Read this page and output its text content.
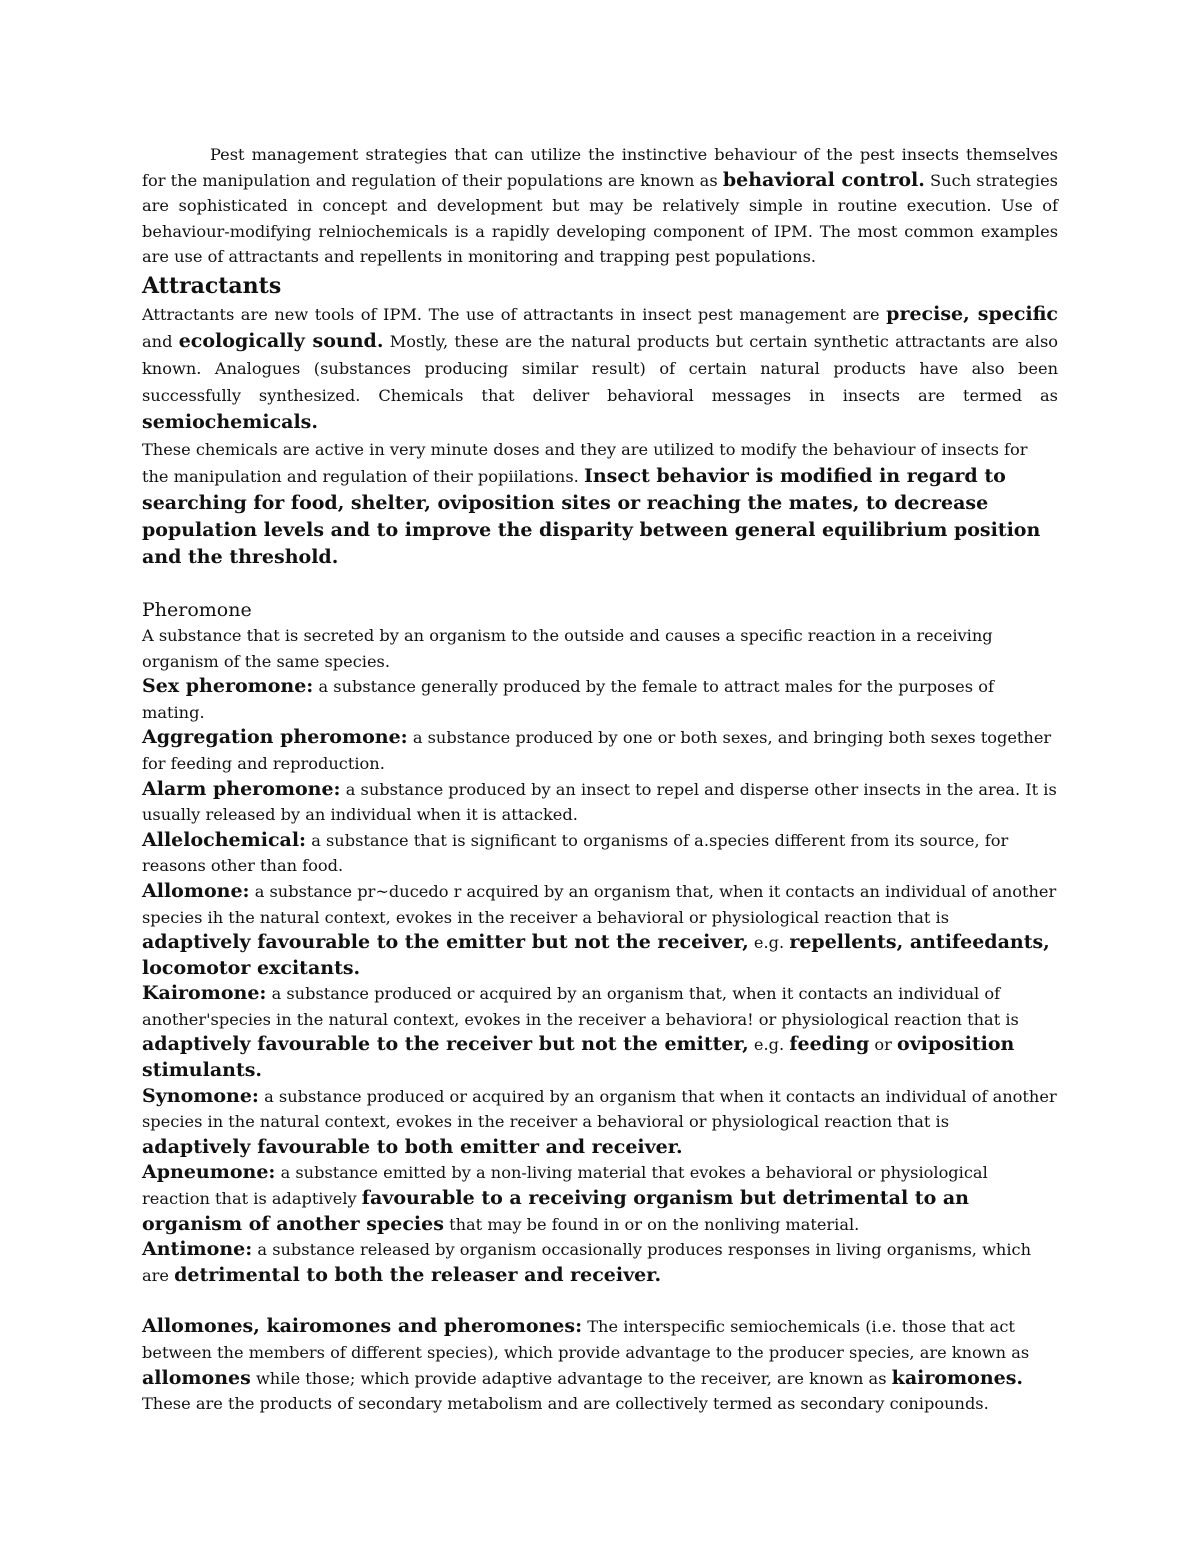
Pest management strategies that can utilize the instinctive behaviour of the pest insects themselves for the manipulation and regulation of their populations are known as behavioral control. Such strategies are sophisticated in concept and development but may be relatively simple in routine execution. Use of behaviour-modifying relniochemicals is a rapidly developing component of IPM. The most common examples are use of attractants and repellents in monitoring and trapping pest populations.

Attractants

Attractants are new tools of IPM. The use of attractants in insect pest management are precise, specific and ecologically sound. Mostly, these are the natural products but certain synthetic attractants are also known. Analogues (substances producing similar result) of certain natural products have also been successfully synthesized. Chemicals that deliver behavioral messages in insects are termed as semiochemicals.

These chemicals are active in very minute doses and they are utilized to modify the behaviour of insects for the manipulation and regulation of their popiilations. Insect behavior is modified in regard to searching for food, shelter, oviposition sites or reaching the mates, to decrease population levels and to improve the disparity between general equilibrium position and the threshold.

Pheromone

A substance that is secreted by an organism to the outside and causes a specific reaction in a receiving organism of the same species.

Sex pheromone: a substance generally produced by the female to attract males for the purposes of mating.

Aggregation pheromone: a substance produced by one or both sexes, and bringing both sexes together for feeding and reproduction.

Alarm pheromone: a substance produced by an insect to repel and disperse other insects in the area. It is usually released by an individual when it is attacked.

Allelochemical: a substance that is significant to organisms of a.species different from its source, for reasons other than food.

Allomone: a substance pr~ducedo r acquired by an organism that, when it contacts an individual of another species ih the natural context, evokes in the receiver a behavioral or physiological reaction that is adaptively favourable to the emitter but not the receiver, e.g. repellents, antifeedants, locomotor excitants.

Kairomone: a substance produced or acquired by an organism that, when it contacts an individual of another'species in the natural context, evokes in the receiver a behaviora! or physiological reaction that is adaptively favourable to the receiver but not the emitter, e.g. feeding or oviposition stimulants.

Synomone: a substance produced or acquired by an organism that when it contacts an individual of another species in the natural context, evokes in the receiver a behavioral or physiological reaction that is adaptively favourable to both emitter and receiver.

Apneumone: a substance emitted by a non-living material that evokes a behavioral or physiological reaction that is adaptively favourable to a receiving organism but detrimental to an organism of another species that may be found in or on the nonliving material.

Antimone: a substance released by organism occasionally produces responses in living organisms, which are detrimental to both the releaser and receiver.

Allomones, kairomones and pheromones: The interspecific semiochemicals (i.e. those that act between the members of different species), which provide advantage to the producer species, are known as allomones while those; which provide adaptive advantage to the receiver, are known as kairomones. These are the products of secondary metabolism and are collectively termed as secondary conipounds.
